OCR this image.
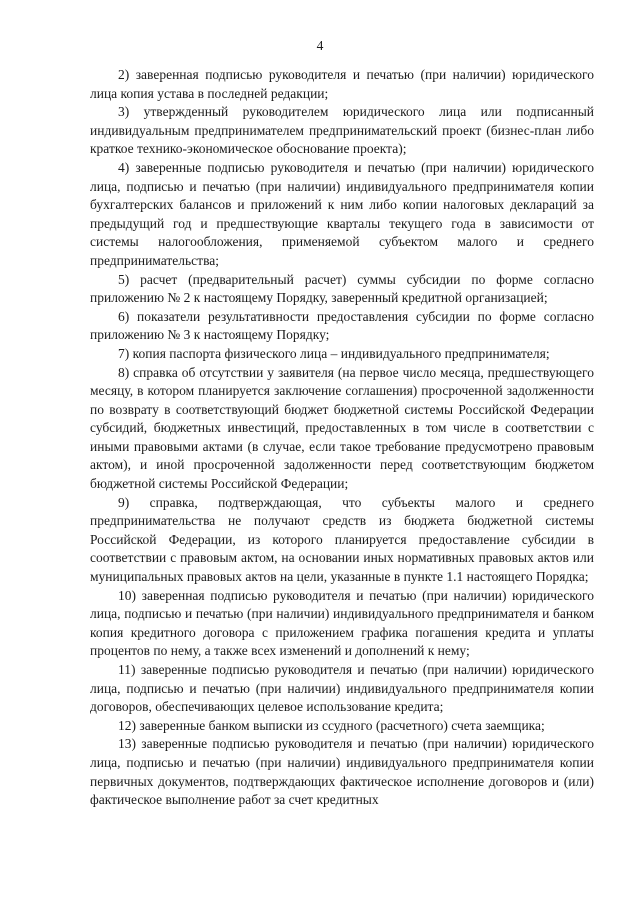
4

2) заверенная подписью руководителя и печатью (при наличии) юридического лица копия устава в последней редакции;

3) утвержденный руководителем юридического лица или подписанный индивидуальным предпринимателем предпринимательский проект (бизнес-план либо краткое технико-экономическое обоснование проекта);

4) заверенные подписью руководителя и печатью (при наличии) юридического лица, подписью и печатью (при наличии) индивидуального предпринимателя копии бухгалтерских балансов и приложений к ним либо копии налоговых деклараций за предыдущий год и предшествующие кварталы текущего года в зависимости от системы налогообложения, применяемой субъектом малого и среднего предпринимательства;

5) расчет (предварительный расчет) суммы субсидии по форме согласно приложению № 2 к настоящему Порядку, заверенный кредитной организацией;

6) показатели результативности предоставления субсидии по форме согласно приложению № 3 к настоящему Порядку;

7) копия паспорта физического лица – индивидуального предпринимателя;

8) справка об отсутствии у заявителя (на первое число месяца, предшествующего месяцу, в котором планируется заключение соглашения) просроченной задолженности по возврату в соответствующий бюджет бюджетной системы Российской Федерации субсидий, бюджетных инвестиций, предоставленных в том числе в соответствии с иными правовыми актами (в случае, если такое требование предусмотрено правовым актом), и иной просроченной задолженности перед соответствующим бюджетом бюджетной системы Российской Федерации;

9) справка, подтверждающая, что субъекты малого и среднего предпринимательства не получают средств из бюджета бюджетной системы Российской Федерации, из которого планируется предоставление субсидии в соответствии с правовым актом, на основании иных нормативных правовых актов или муниципальных правовых актов на цели, указанные в пункте 1.1 настоящего Порядка;

10) заверенная подписью руководителя и печатью (при наличии) юридического лица, подписью и печатью (при наличии) индивидуального предпринимателя и банком копия кредитного договора с приложением графика погашения кредита и уплаты процентов по нему, а также всех изменений и дополнений к нему;

11) заверенные подписью руководителя и печатью (при наличии) юридического лица, подписью и печатью (при наличии) индивидуального предпринимателя копии договоров, обеспечивающих целевое использование кредита;

12) заверенные банком выписки из ссудного (расчетного) счета заемщика;

13) заверенные подписью руководителя и печатью (при наличии) юридического лица, подписью и печатью (при наличии) индивидуального предпринимателя копии первичных документов, подтверждающих фактическое исполнение договоров и (или) фактическое выполнение работ за счет кредитных
